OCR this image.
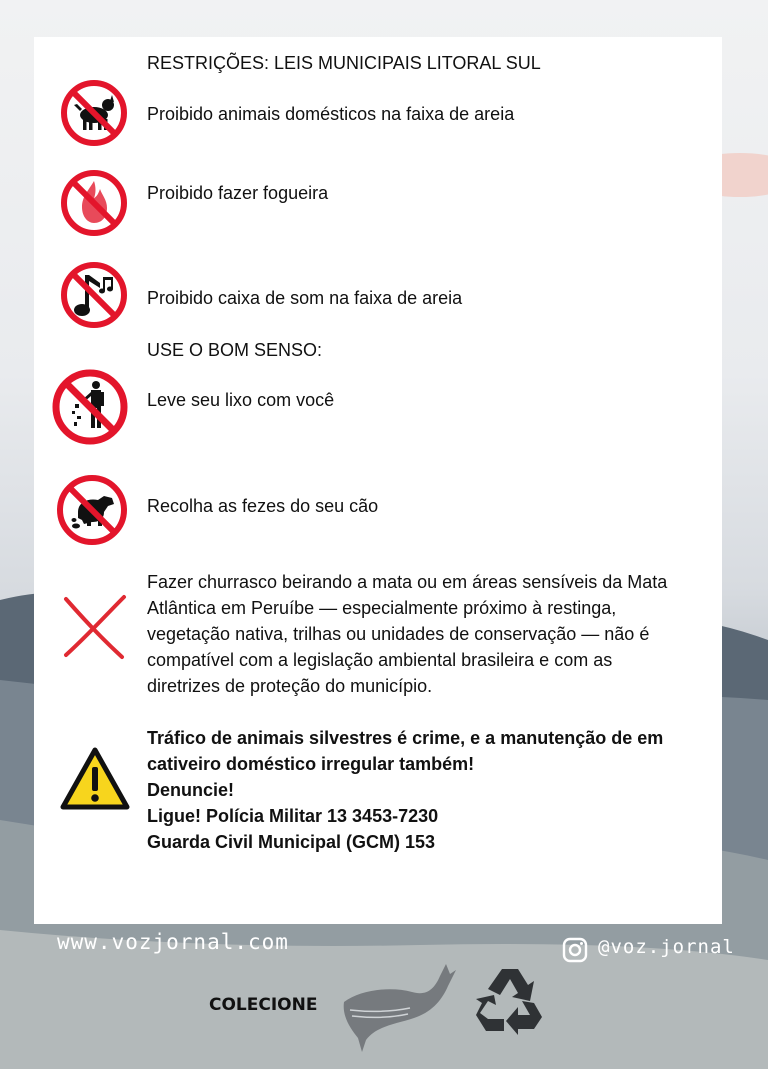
RESTRIÇÕES: LEIS MUNICIPAIS LITORAL SUL
Proibido animais domésticos na faixa de areia
Proibido fazer fogueira
Proibido caixa de som na faixa de areia
USE O BOM SENSO:
Leve seu lixo com você
Recolha as fezes do seu cão
Fazer churrasco beirando a mata ou em áreas sensíveis da Mata Atlântica em Peruíbe — especialmente próximo à restinga, vegetação nativa, trilhas ou unidades de conservação — não é compatível com a legislação ambiental brasileira e com as diretrizes de proteção do município.
Tráfico de animais silvestres é crime, e a manutenção de em cativeiro doméstico irregular também!
Denuncie!
Ligue! Polícia Militar 13 3453-7230
Guarda Civil Municipal (GCM) 153
www.vozjornal.com	@voz.jornal
COLECIONE
